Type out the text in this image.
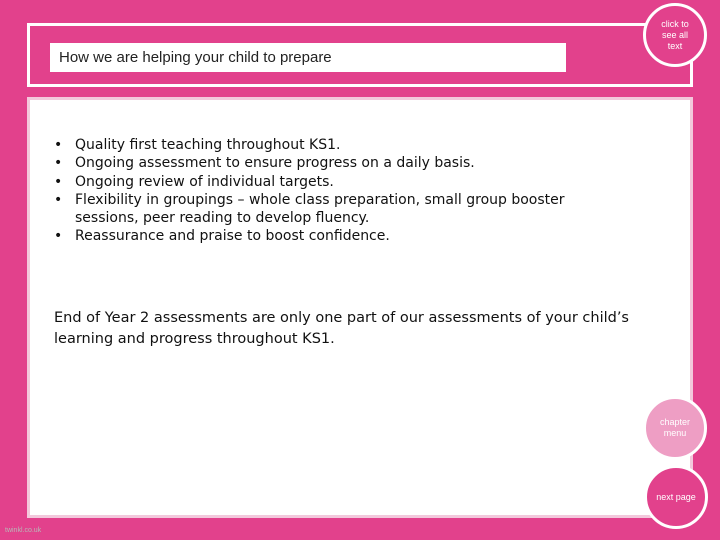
How we are helping your child to prepare
• Quality first teaching throughout KS1.
• Ongoing assessment to ensure progress on a daily basis.
• Ongoing review of individual targets.
• Flexibility in groupings – whole class preparation, small group booster sessions, peer reading to develop fluency.
• Reassurance and praise to boost confidence.

End of Year 2 assessments are only one part of our assessments of your child’s learning and progress throughout KS1.

click to see all text
chapter menu
next page
twinkl.co.uk
